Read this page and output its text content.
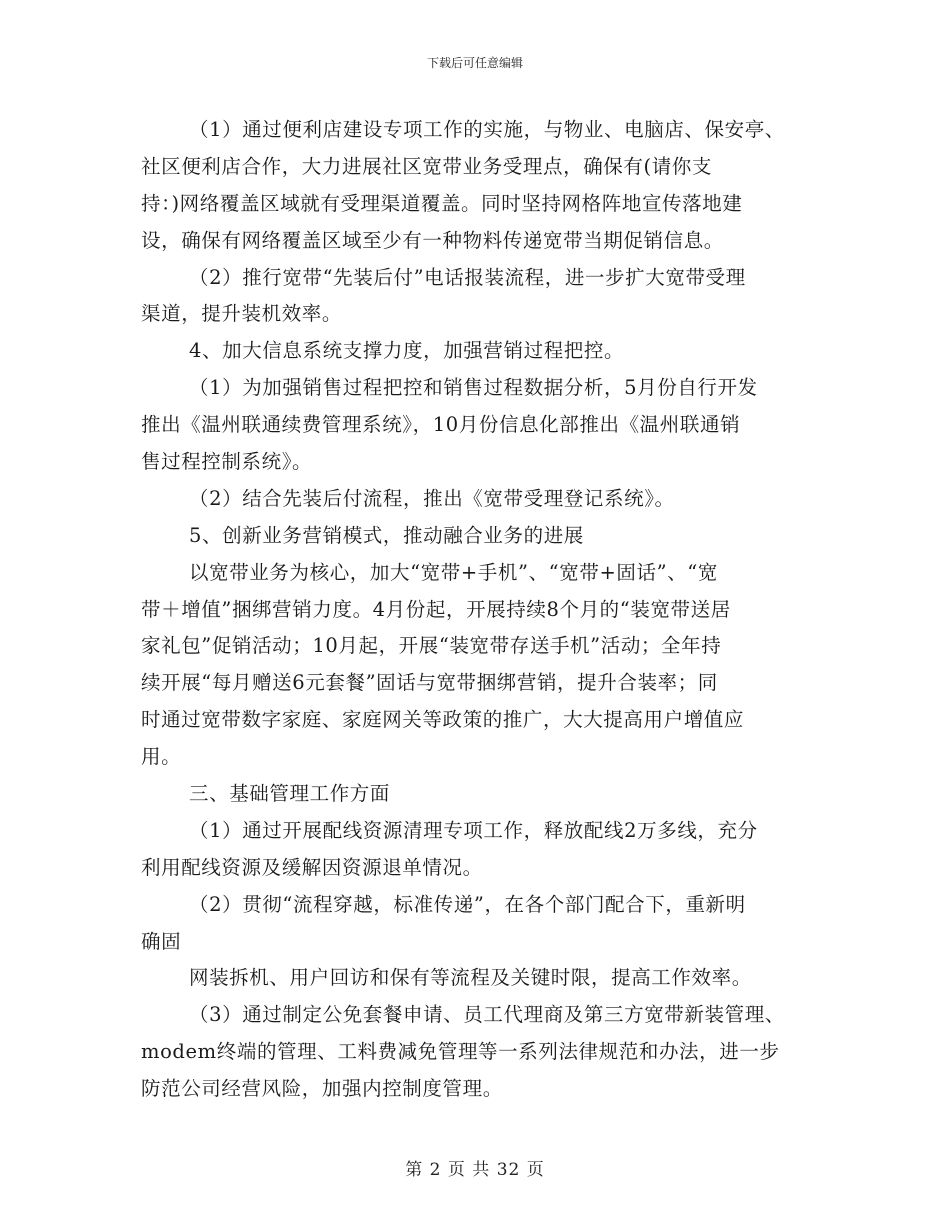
下载后可任意编辑
（1）通过便利店建设专项工作的实施，与物业、电脑店、保安亭、
社区便利店合作，大力进展社区宽带业务受理点，确保有(请你支
持：)网络覆盖区域就有受理渠道覆盖。同时坚持网格阵地宣传落地建
设，确保有网络覆盖区域至少有一种物料传递宽带当期促销信息。
（2）推行宽带“先装后付”电话报装流程，进一步扩大宽带受理
渠道，提升装机效率。
4、加大信息系统支撑力度，加强营销过程把控。
（1）为加强销售过程把控和销售过程数据分析，5月份自行开发
推出《温州联通续费管理系统》，10月份信息化部推出《温州联通销
售过程控制系统》。
（2）结合先装后付流程，推出《宽带受理登记系统》。
5、创新业务营销模式，推动融合业务的进展
以宽带业务为核心，加大“宽带+手机”、“宽带+固话”、“宽
带＋增值”捆绑营销力度。4月份起，开展持续8个月的“装宽带送居
家礼包”促销活动；10月起，开展“装宽带存送手机”活动；全年持
续开展“每月赠送6元套餐”固话与宽带捆绑营销，提升合装率；同
时通过宽带数字家庭、家庭网关等政策的推广，大大提高用户增值应
用。
三、基础管理工作方面
（1）通过开展配线资源清理专项工作，释放配线2万多线，充分
利用配线资源及缓解因资源退单情况。
（2）贯彻“流程穿越，标准传递”，在各个部门配合下，重新明
确固
网装拆机、用户回访和保有等流程及关键时限，提高工作效率。
（3）通过制定公免套餐申请、员工代理商及第三方宽带新装管理、
modem终端的管理、工料费减免管理等一系列法律规范和办法，进一步
防范公司经营风险，加强内控制度管理。
第 2 页 共 32 页
